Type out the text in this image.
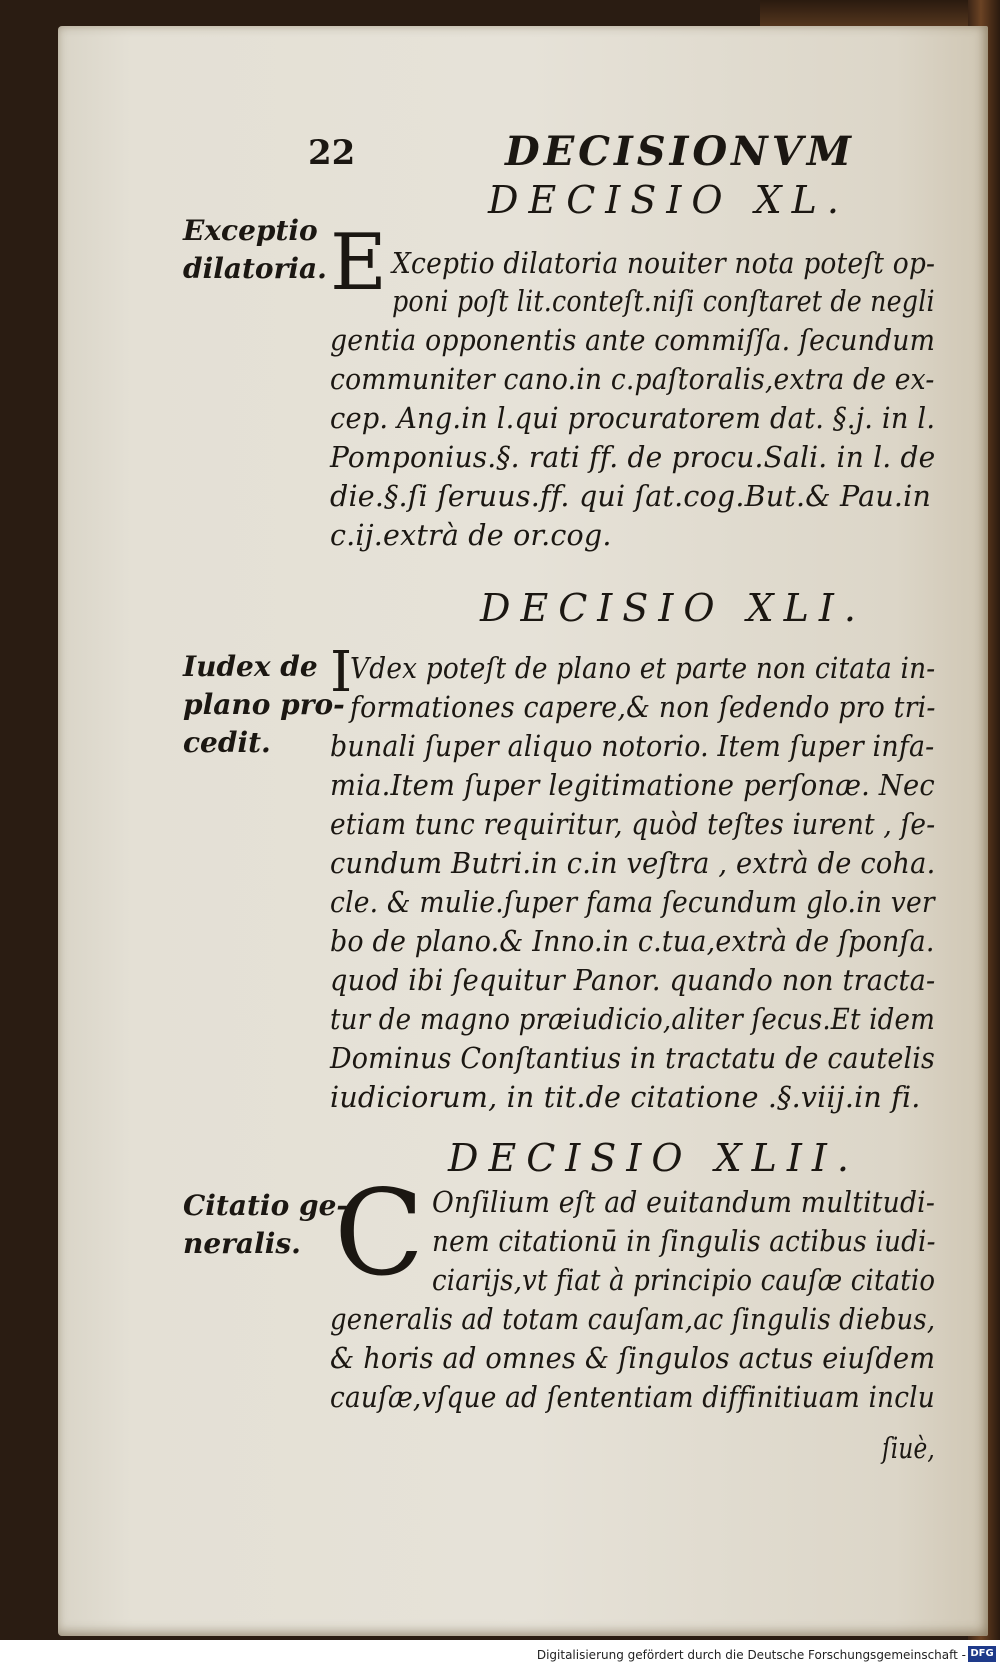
22	DECISIONVM
DECISIO XL.
Exceptio
dilatoria. E Xceptio dilatoria nouiter nota poteſt op-
poni poſt lit.conteſt.niſi conſtaret de negli
gentia opponentis ante commiſſa. ſecundum
communiter cano.in c.paſtoralis,extra de ex-
cep. Ang.in l.qui procuratorem dat. §.j. in l.
Pomponius.§. rati ff. de procu.Sali. in l. de
die.§.ſi ſeruus.ff. qui ſat.cog.But.& Pau.in
c.ij.extrà de or.cog.
DECISIO XLI.
Iudex de
plano pro-
cedit.
I
Vdex poteſt de plano et parte non citata in-
formationes capere,& non ſedendo pro tri-
bunali ſuper aliquo notorio. Item ſuper infa-
mia.Item ſuper legitimatione perſonæ. Nec
etiam tunc requiritur, quòd teſtes iurent , ſe-
cundum Butri.in c.in veſtra , extrà de coha.
cle. & mulie.ſuper fama ſecundum glo.in ver
bo de plano.& Inno.in c.tua,extrà de ſponſa.
quod ibi ſequitur Panor. quando non tracta-
tur de magno præiudicio,aliter ſecus.Et idem
Dominus Conſtantius in tractatu de cautelis
iudiciorum, in tit.de citatione .§.viij.in fi.
DECISIO XLII.
Citatio ge-
neralis. C Onſilium eſt ad euitandum multitudi-
nem citationū in ſingulis actibus iudi-
ciarijs,vt fiat à principio cauſæ citatio
generalis ad totam cauſam,ac ſingulis diebus,
& horis ad omnes & ſingulos actus eiuſdem
cauſæ,vſque ad ſententiam diffinitiuam inclu
ſiuè,
Digitalisierung gefördert durch die Deutsche Forschungsgemeinschaft - DFG
